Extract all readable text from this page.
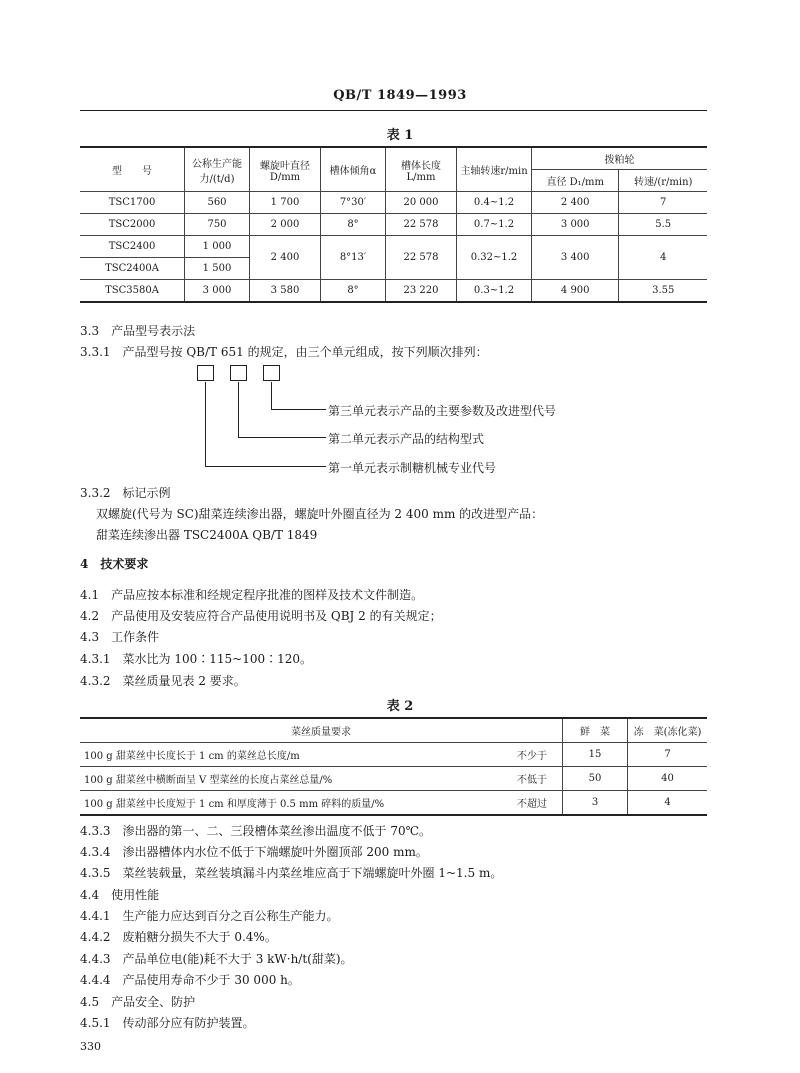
QB/T 1849—1993
表 1
型　　号	公称生产能力/(t/d)	螺旋叶直径D/mm	槽体倾角α	槽体长度L/mm	主轴转速r/min	拨粕轮	
						直径 D₁/mm	转速/(r/min)
TSC1700	560	1 700	7°30′	20 000	0.4~1.2	2 400	7
TSC2000	750	2 000	8°	22 578	0.7~1.2	3 000	5.5
TSC2400	1 000	2 400	8°13′	22 578	0.32~1.2	3 400	4
TSC2400A	1 500						
TSC3580A	3 000	3 580	8°	23 220	0.3~1.2	4 900	3.55
3.3　产品型号表示法
3.3.1　产品型号按 QB/T 651 的规定，由三个单元组成，按下列顺次排列：
第三单元表示产品的主要参数及改进型代号
第二单元表示产品的结构型式
第一单元表示制糖机械专业代号
3.3.2　标记示例
双螺旋(代号为 SC)甜菜连续渗出器，螺旋叶外圈直径为 2 400 mm 的改进型产品：
甜菜连续渗出器 TSC2400A QB/T 1849
4　技术要求
4.1　产品应按本标准和经规定程序批准的图样及技术文件制造。
4.2　产品使用及安装应符合产品使用说明书及 QBJ 2 的有关规定；
4.3　工作条件
4.3.1　菜水比为 100∶115~100∶120。
4.3.2　菜丝质量见表 2 要求。
表 2
菜丝质量要求		鲜　菜	冻　菜(冻化菜)
100 g 甜菜丝中长度长于 1 cm 的菜丝总长度/m	不少于	15	7
100 g 甜菜丝中横断面呈 V 型菜丝的长度占菜丝总量/%	不低于	50	40
100 g 甜菜丝中长度短于 1 cm 和厚度薄于 0.5 mm 碎料的质量/%	不超过	3	4
4.3.3　渗出器的第一、二、三段槽体菜丝渗出温度不低于 70℃。
4.3.4　渗出器槽体内水位不低于下端螺旋叶外圈顶部 200 mm。
4.3.5　菜丝装载量，菜丝装填漏斗内菜丝堆应高于下端螺旋叶外圈 1~1.5 m。
4.4　使用性能
4.4.1　生产能力应达到百分之百公称生产能力。
4.4.2　废粕糖分损失不大于 0.4%。
4.4.3　产品单位电(能)耗不大于 3 kW·h/t(甜菜)。
4.4.4　产品使用寿命不少于 30 000 h。
4.5　产品安全、防护
4.5.1　传动部分应有防护装置。
330
